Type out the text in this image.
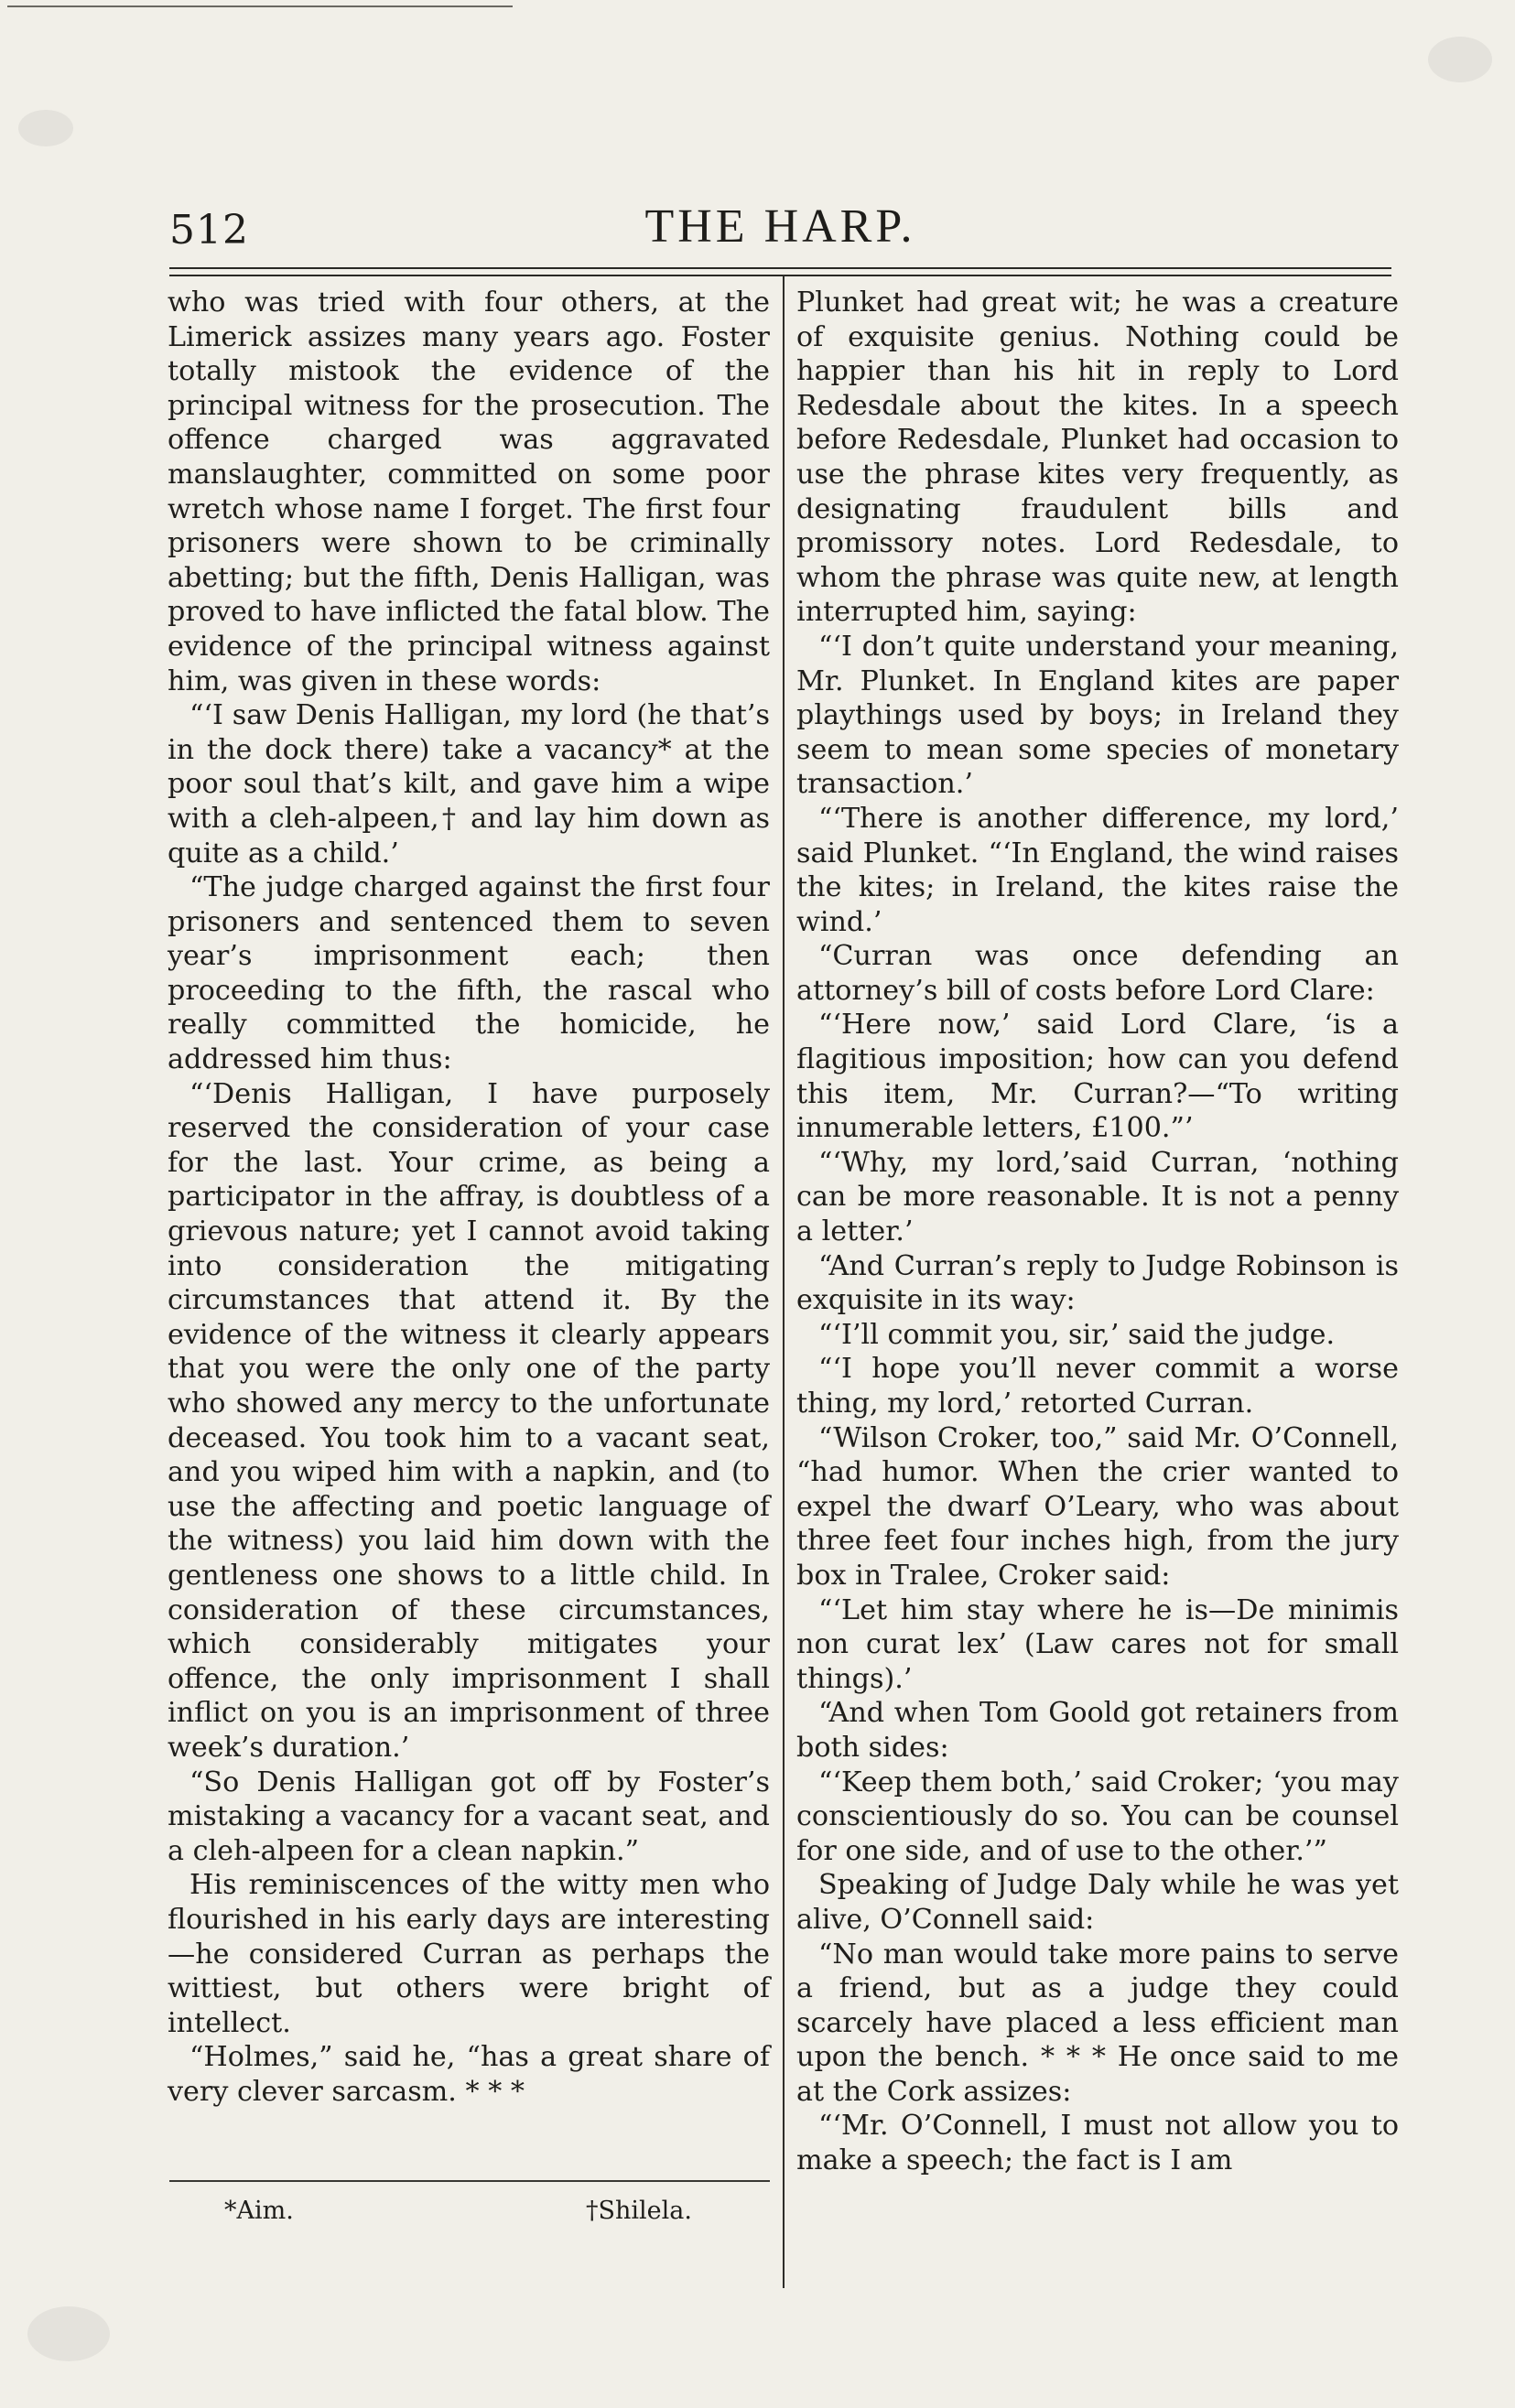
512	THE HARP.

who was tried with four others, at the Limerick assizes many years ago. Foster totally mistook the evidence of the principal witness for the prosecution. The offence charged was aggravated manslaughter, committed on some poor wretch whose name I forget. The first four prisoners were shown to be criminally abetting; but the fifth, Denis Halligan, was proved to have inflicted the fatal blow. The evidence of the principal witness against him, was given in these words:

“‘I saw Denis Halligan, my lord (he that’s in the dock there) take a vacancy* at the poor soul that’s kilt, and gave him a wipe with a cleh-alpeen,† and lay him down as quite as a child.’

“The judge charged against the first four prisoners and sentenced them to seven year’s imprisonment each; then proceeding to the fifth, the rascal who really committed the homicide, he addressed him thus:

“‘Denis Halligan, I have purposely reserved the consideration of your case for the last. Your crime, as being a participator in the affray, is doubtless of a grievous nature; yet I cannot avoid taking into consideration the mitigating circumstances that attend it. By the evidence of the witness it clearly appears that you were the only one of the party who showed any mercy to the unfortunate deceased. You took him to a vacant seat, and you wiped him with a napkin, and (to use the affecting and poetic language of the witness) you laid him down with the gentleness one shows to a little child. In consideration of these circumstances, which considerably mitigates your offence, the only imprisonment I shall inflict on you is an imprisonment of three week’s duration.’

“So Denis Halligan got off by Foster’s mistaking a vacancy for a vacant seat, and a cleh-alpeen for a clean napkin.”

His reminiscences of the witty men who flourished in his early days are interesting—he considered Curran as perhaps the wittiest, but others were bright of intellect.

“Holmes,” said he, “has a great share of very clever sarcasm. * * *

Plunket had great wit; he was a creature of exquisite genius. Nothing could be happier than his hit in reply to Lord Redesdale about the kites. In a speech before Redesdale, Plunket had occasion to use the phrase kites very frequently, as designating fraudulent bills and promissory notes. Lord Redesdale, to whom the phrase was quite new, at length interrupted him, saying:

“‘I don’t quite understand your meaning, Mr. Plunket. In England kites are paper playthings used by boys; in Ireland they seem to mean some species of monetary transaction.’

“‘There is another difference, my lord,’ said Plunket. “‘In England, the wind raises the kites; in Ireland, the kites raise the wind.’

“Curran was once defending an attorney’s bill of costs before Lord Clare:

“‘Here now,’ said Lord Clare, ‘is a flagitious imposition; how can you defend this item, Mr. Curran?—“To writing innumerable letters, £100.”’

“‘Why, my lord,’said Curran, ‘nothing can be more reasonable. It is not a penny a letter.’

“And Curran’s reply to Judge Robinson is exquisite in its way:

“‘I’ll commit you, sir,’ said the judge.

“‘I hope you’ll never commit a worse thing, my lord,’ retorted Curran.

“Wilson Croker, too,” said Mr. O’Connell, “had humor. When the crier wanted to expel the dwarf O’Leary, who was about three feet four inches high, from the jury box in Tralee, Croker said:

“‘Let him stay where he is—De minimis non curat lex’ (Law cares not for small things).’

“And when Tom Goold got retainers from both sides:

“‘Keep them both,’ said Croker; ‘you may conscientiously do so. You can be counsel for one side, and of use to the other.’”

Speaking of Judge Daly while he was yet alive, O’Connell said:

“No man would take more pains to serve a friend, but as a judge they could scarcely have placed a less efficient man upon the bench. * * * He once said to me at the Cork assizes:

“‘Mr. O’Connell, I must not allow you to make a speech; the fact is I am

*Aim.	†Shilela.
